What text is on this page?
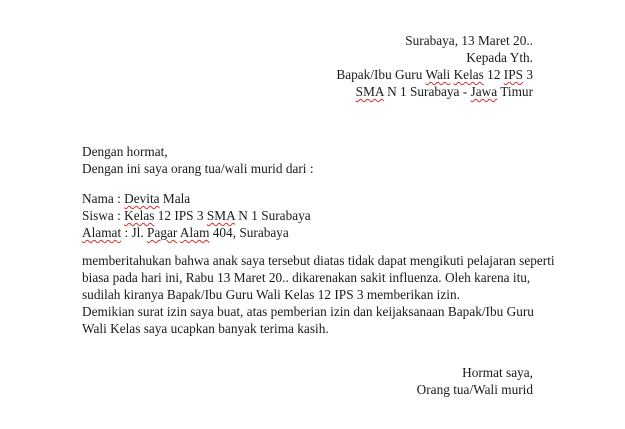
Surabaya, 13 Maret 20..
Kepada Yth.
Bapak/Ibu Guru Wali Kelas 12 IPS 3
SMA N 1 Surabaya - Jawa Timur
Dengan hormat,
Dengan ini saya orang tua/wali murid dari :
Nama : Devita Mala
Siswa : Kelas 12 IPS 3 SMA N 1 Surabaya
Alamat : Jl. Pagar Alam 404, Surabaya
memberitahukan bahwa anak saya tersebut diatas tidak dapat mengikuti pelajaran seperti
biasa pada hari ini, Rabu 13 Maret 20.. dikarenakan sakit influenza. Oleh karena itu,
sudilah kiranya Bapak/Ibu Guru Wali Kelas 12 IPS 3 memberikan izin.
Demikian surat izin saya buat, atas pemberian izin dan keijaksanaan Bapak/Ibu Guru
Wali Kelas saya ucapkan banyak terima kasih.
Hormat saya,
Orang tua/Wali murid
